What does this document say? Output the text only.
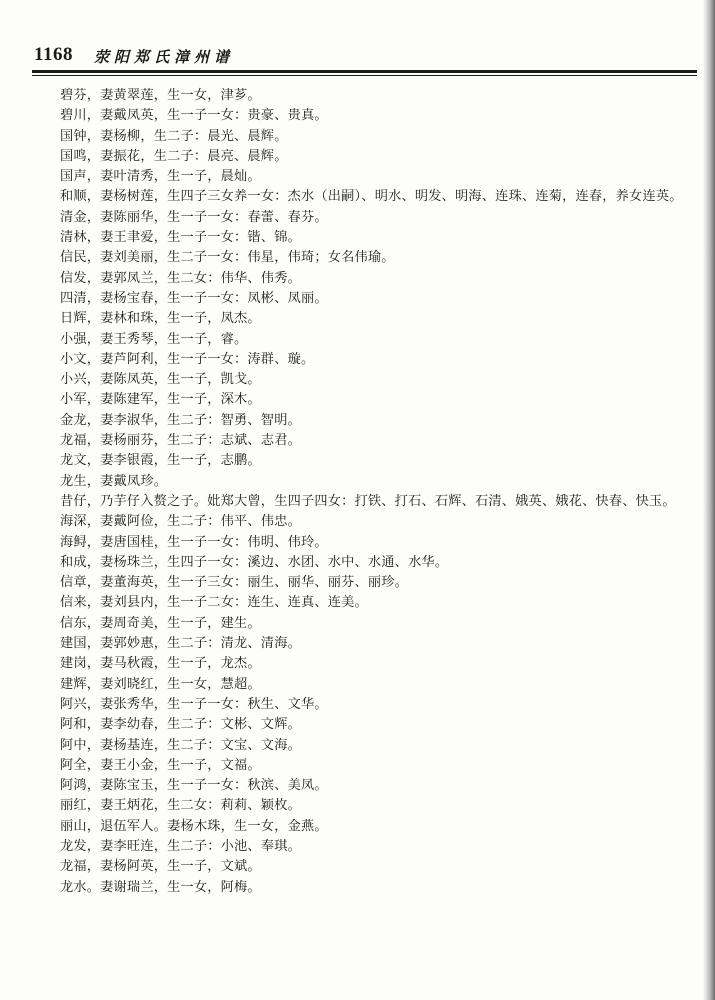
1168 荥阳郑氏漳州谱

碧芬，妻黄翠莲，生一女，津芗。

碧川，妻戴凤英，生一子一女：贵豪、贵真。

国钟，妻杨柳，生二子：晨光、晨辉。

国鸣，妻振花，生二子：晨亮、晨辉。

国声，妻叶清秀，生一子，晨灿。

和顺，妻杨树莲，生四子三女养一女：杰水（出嗣）、明水、明发、明海、连珠、连菊，连春，养女连英。

清金，妻陈丽华，生一子一女：春蕾、春芬。

清林，妻王聿爱，生一子一女：锴、锦。

信民，妻刘美丽，生二子一女：伟星，伟琦；女名伟瑜。

信发，妻郭凤兰，生二女：伟华、伟秀。

四清，妻杨宝春，生一子一女：凤彬、凤丽。

日辉，妻林和珠，生一子，凤杰。

小强，妻王秀琴，生一子，睿。

小文，妻芦阿利，生一子一女：涛群、璇。

小兴，妻陈凤英，生一子，凯戈。

小军，妻陈建军，生一子，深木。

金龙，妻李淑华，生二子：智勇、智明。

龙福，妻杨丽芬，生二子：志斌、志君。

龙文，妻李银霞，生一子，志鹏。

龙生，妻戴凤珍。

昔仔，乃芋仔入赘之子。妣郑大曾，生四子四女：打铁、打石、石辉、石清、娥英、娥花、快春、快玉。

海深，妻戴阿俭，生二子：伟平、伟忠。

海鲟，妻唐国桂，生一子一女：伟明、伟玲。

和成，妻杨珠兰，生四子一女：溪边、水团、水中、水通、水华。

信章，妻董海英，生一子三女：丽生、丽华、丽芬、丽珍。

信来，妻刘县内，生一子二女：连生、连真、连美。

信东，妻周奇美，生一子，建生。

建国，妻郭妙惠，生二子：清龙、清海。

建岗，妻马秋霞，生一子，龙杰。

建辉，妻刘晓红，生一女，慧超。

阿兴，妻张秀华，生一子一女：秋生、文华。

阿和，妻李幼春，生二子：文彬、文辉。

阿中，妻杨基连，生二子：文宝、文海。

阿全，妻王小金，生一子，文福。

阿鸿，妻陈宝玉，生一子一女：秋滨、美凤。

丽红，妻王炳花，生二女：莉莉、颖枚。

丽山，退伍军人。妻杨木珠，生一女，金燕。

龙发，妻李旺连，生二子：小池、奉琪。

龙福，妻杨阿英，生一子，文斌。

龙水。妻谢瑞兰，生一女，阿梅。
